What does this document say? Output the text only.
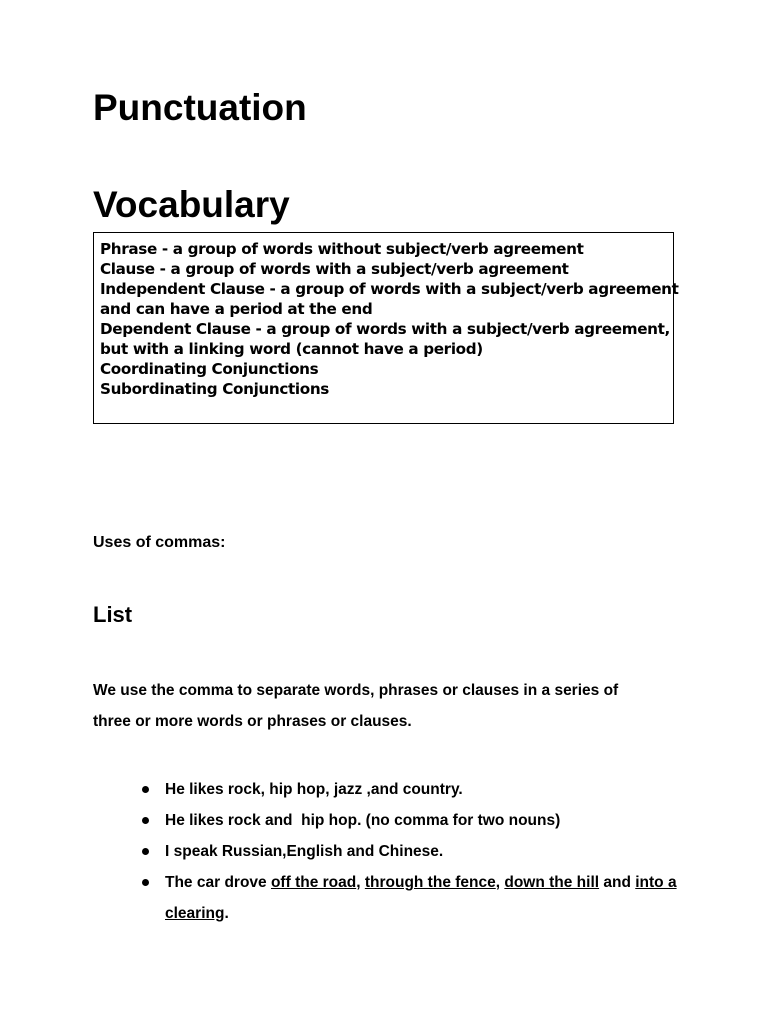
Punctuation
Vocabulary
Phrase - a group of words without subject/verb agreement
Clause - a group of words with a subject/verb agreement
Independent Clause - a group of words with a subject/verb agreement
and can have a period at the end
Dependent Clause - a group of words with a subject/verb agreement,
but with a linking word (cannot have a period)
Coordinating Conjunctions
Subordinating Conjunctions
Uses of commas:
List
We use the comma to separate words, phrases or clauses in a series of
three or more words or phrases or clauses.
He likes rock, hip hop, jazz ,and country.
He likes rock and  hip hop. (no comma for two nouns)
I speak Russian,English and Chinese.
The car drove off the road, through the fence, down the hill and into a clearing.
